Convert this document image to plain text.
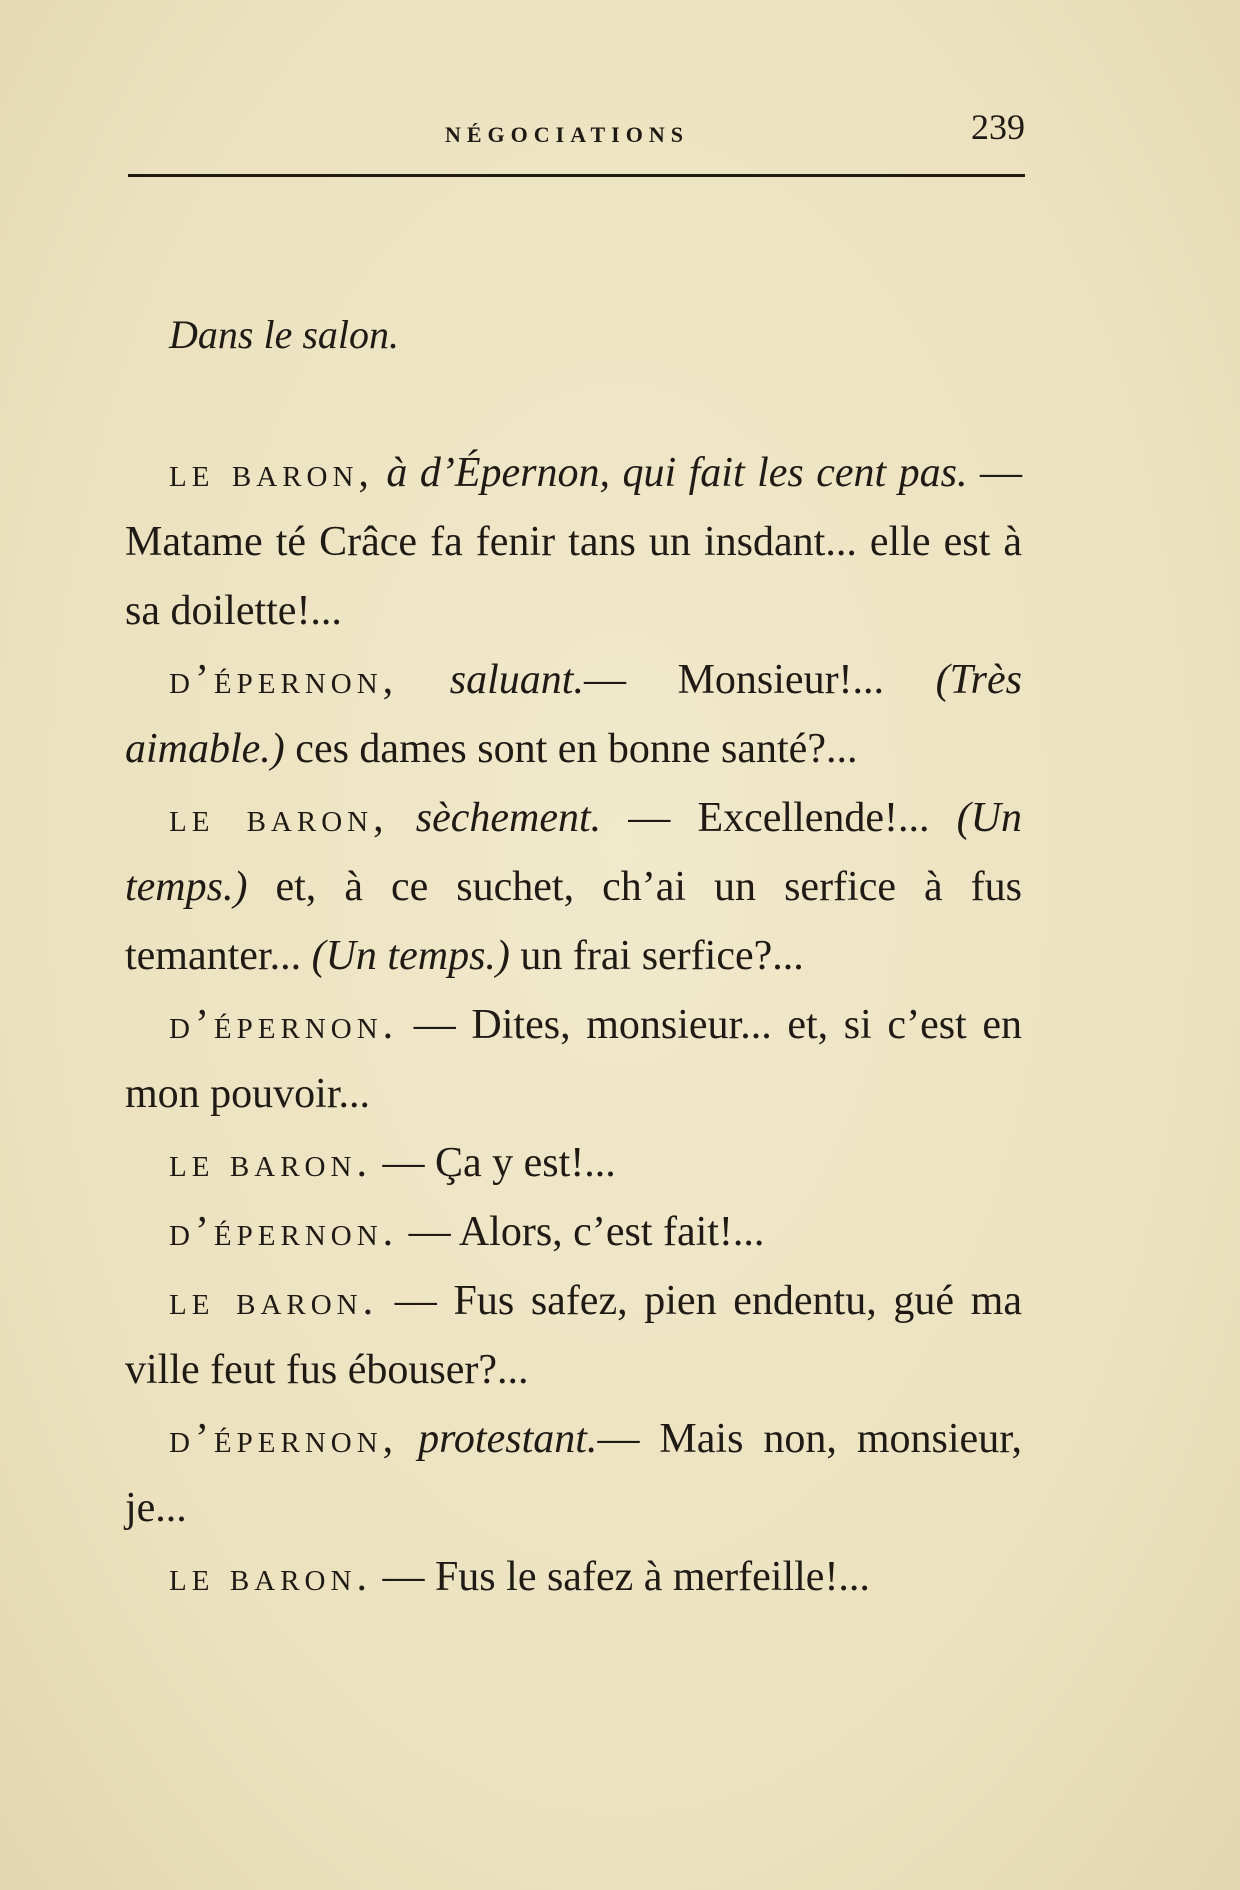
NÉGOCIATIONS	239

Dans le salon.

le baron, à d’Épernon, qui fait les cent pas. — Matame té Crâce fa fenir tans un insdant... elle est à sa doilette!...

d’épernon, saluant.— Monsieur!... (Très aimable.) ces dames sont en bonne santé?...

le baron, sèchement. — Excellende!... (Un temps.) et, à ce suchet, ch’ai un serfice à fus temanter... (Un temps.) un frai serfice?...

d’épernon. — Dites, monsieur... et, si c’est en mon pouvoir...

le baron. — Ça y est!...

d’épernon. — Alors, c’est fait!...

le baron. — Fus safez, pien endentu, gué ma ville feut fus ébouser?...

d’épernon, protestant.— Mais non, monsieur, je...

le baron. — Fus le safez à merfeille!...
